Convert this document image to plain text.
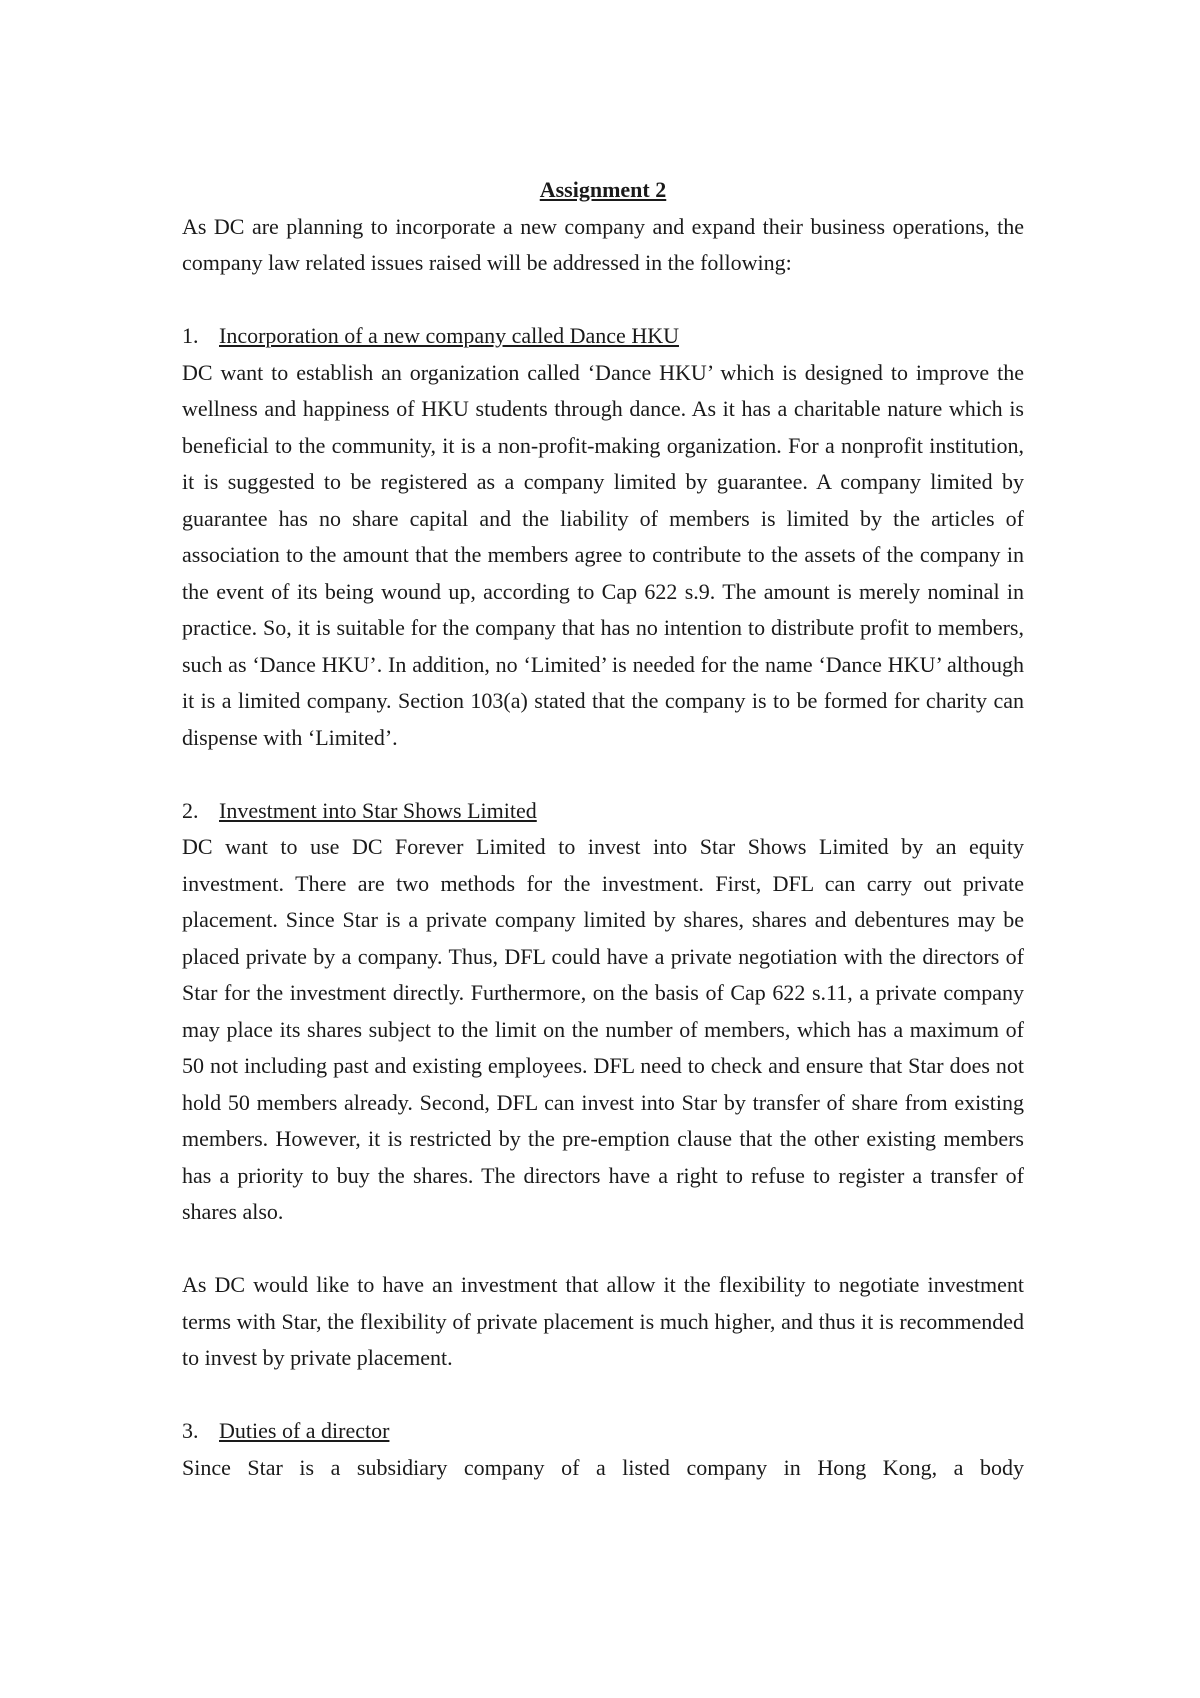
Assignment 2

As DC are planning to incorporate a new company and expand their business operations, the company law related issues raised will be addressed in the following:

1. Incorporation of a new company called Dance HKU

DC want to establish an organization called ‘Dance HKU’ which is designed to improve the wellness and happiness of HKU students through dance. As it has a charitable nature which is beneficial to the community, it is a non-profit-making organization. For a nonprofit institution, it is suggested to be registered as a company limited by guarantee. A company limited by guarantee has no share capital and the liability of members is limited by the articles of association to the amount that the members agree to contribute to the assets of the company in the event of its being wound up, according to Cap 622 s.9. The amount is merely nominal in practice. So, it is suitable for the company that has no intention to distribute profit to members, such as ‘Dance HKU’. In addition, no ‘Limited’ is needed for the name ‘Dance HKU’ although it is a limited company. Section 103(a) stated that the company is to be formed for charity can dispense with ‘Limited’.

2. Investment into Star Shows Limited

DC want to use DC Forever Limited to invest into Star Shows Limited by an equity investment. There are two methods for the investment. First, DFL can carry out private placement. Since Star is a private company limited by shares, shares and debentures may be placed private by a company. Thus, DFL could have a private negotiation with the directors of Star for the investment directly. Furthermore, on the basis of Cap 622 s.11, a private company may place its shares subject to the limit on the number of members, which has a maximum of 50 not including past and existing employees. DFL need to check and ensure that Star does not hold 50 members already. Second, DFL can invest into Star by transfer of share from existing members. However, it is restricted by the pre-emption clause that the other existing members has a priority to buy the shares. The directors have a right to refuse to register a transfer of shares also.

As DC would like to have an investment that allow it the flexibility to negotiate investment terms with Star, the flexibility of private placement is much higher, and thus it is recommended to invest by private placement.

3. Duties of a director

Since Star is a subsidiary company of a listed company in Hong Kong, a body
